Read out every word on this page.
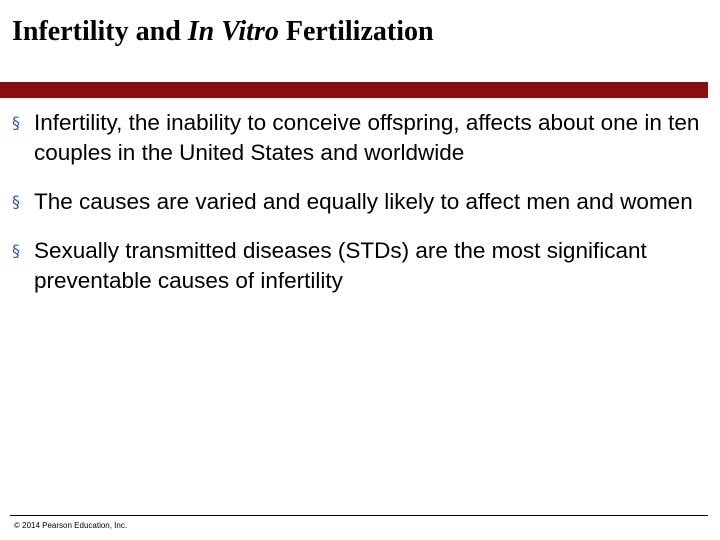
Infertility and In Vitro Fertilization
§
Infertility, the inability to conceive offspring, affects about one in ten couples in the United States and worldwide
§
The causes are varied and equally likely to affect men and women
§
Sexually transmitted diseases (STDs) are the most significant preventable causes of infertility
© 2014 Pearson Education, Inc.
